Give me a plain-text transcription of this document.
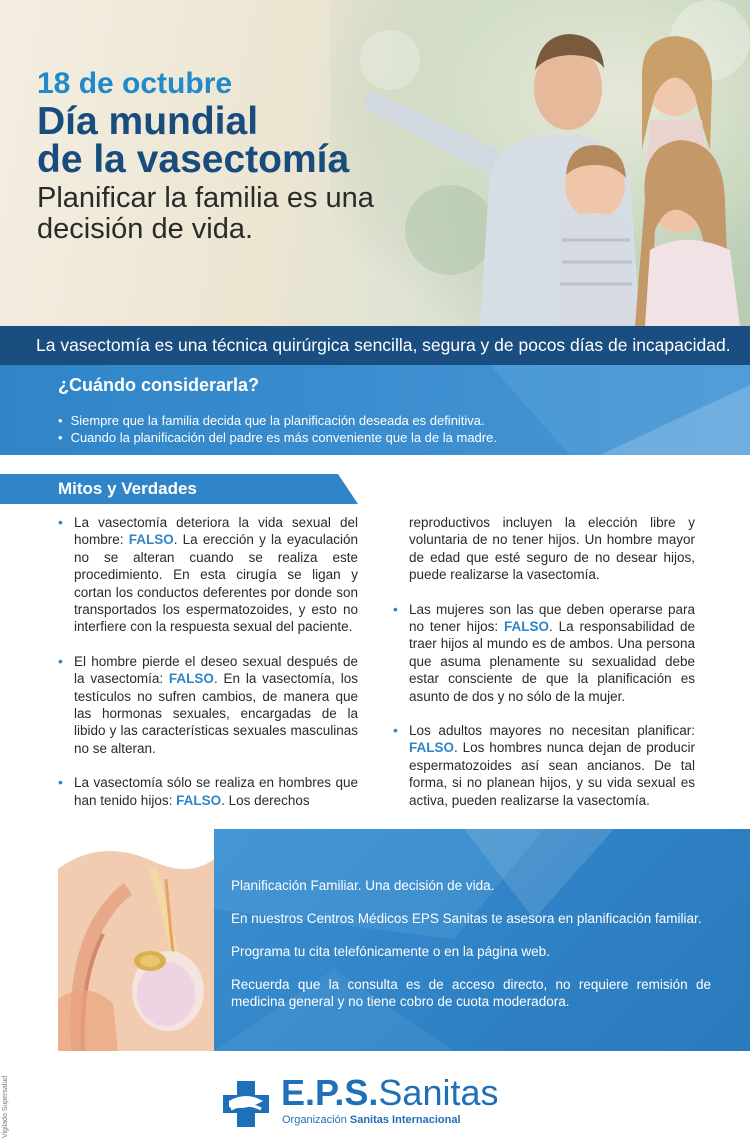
18 de octubre
Día mundial
de la vasectomía
Planificar la familia es una
decisión de vida.
La vasectomía es una técnica quirúrgica sencilla, segura y de pocos días de incapacidad.
¿Cuándo considerarla?
• Siempre que la familia decida que la planificación deseada es definitiva.
• Cuando la planificación del padre es más conveniente que la de la madre.
Mitos y Verdades
• La vasectomía deteriora la vida sexual del hombre: FALSO. La erección y la eyaculación no se alteran cuando se realiza este procedimiento. En esta cirugía se ligan y cortan los conductos deferentes por donde son transportados los espermatozoides, y esto no interfiere con la respuesta sexual del paciente.
• El hombre pierde el deseo sexual después de la vasectomía: FALSO. En la vasectomía, los testículos no sufren cambios, de manera que las hormonas sexuales, encargadas de la libido y las características sexuales masculinas no se alteran.
• La vasectomía sólo se realiza en hombres que han tenido hijos: FALSO. Los derechos
reproductivos incluyen la elección libre y voluntaria de no tener hijos. Un hombre mayor de edad que esté seguro de no desear hijos, puede realizarse la vasectomía.
• Las mujeres son las que deben operarse para no tener hijos: FALSO. La responsabilidad de traer hijos al mundo es de ambos. Una persona que asuma plenamente su sexualidad debe estar consciente de que la planificación es asunto de dos y no sólo de la mujer.
• Los adultos mayores no necesitan planificar: FALSO. Los hombres nunca dejan de producir espermatozoides así sean ancianos. De tal forma, si no planean hijos, y su vida sexual es activa, pueden realizarse la vasectomía.

Planificación Familiar. Una decisión de vida.

En nuestros Centros Médicos EPS Sanitas te asesora en planificación familiar.

Programa tu cita telefónicamente o en la página web.

Recuerda que la consulta es de acceso directo, no requiere remisión de medicina general y no tiene cobro de cuota moderadora.

Vigilado Supersalud	E.P.S.Sanitas
Organización Sanitas Internacional
